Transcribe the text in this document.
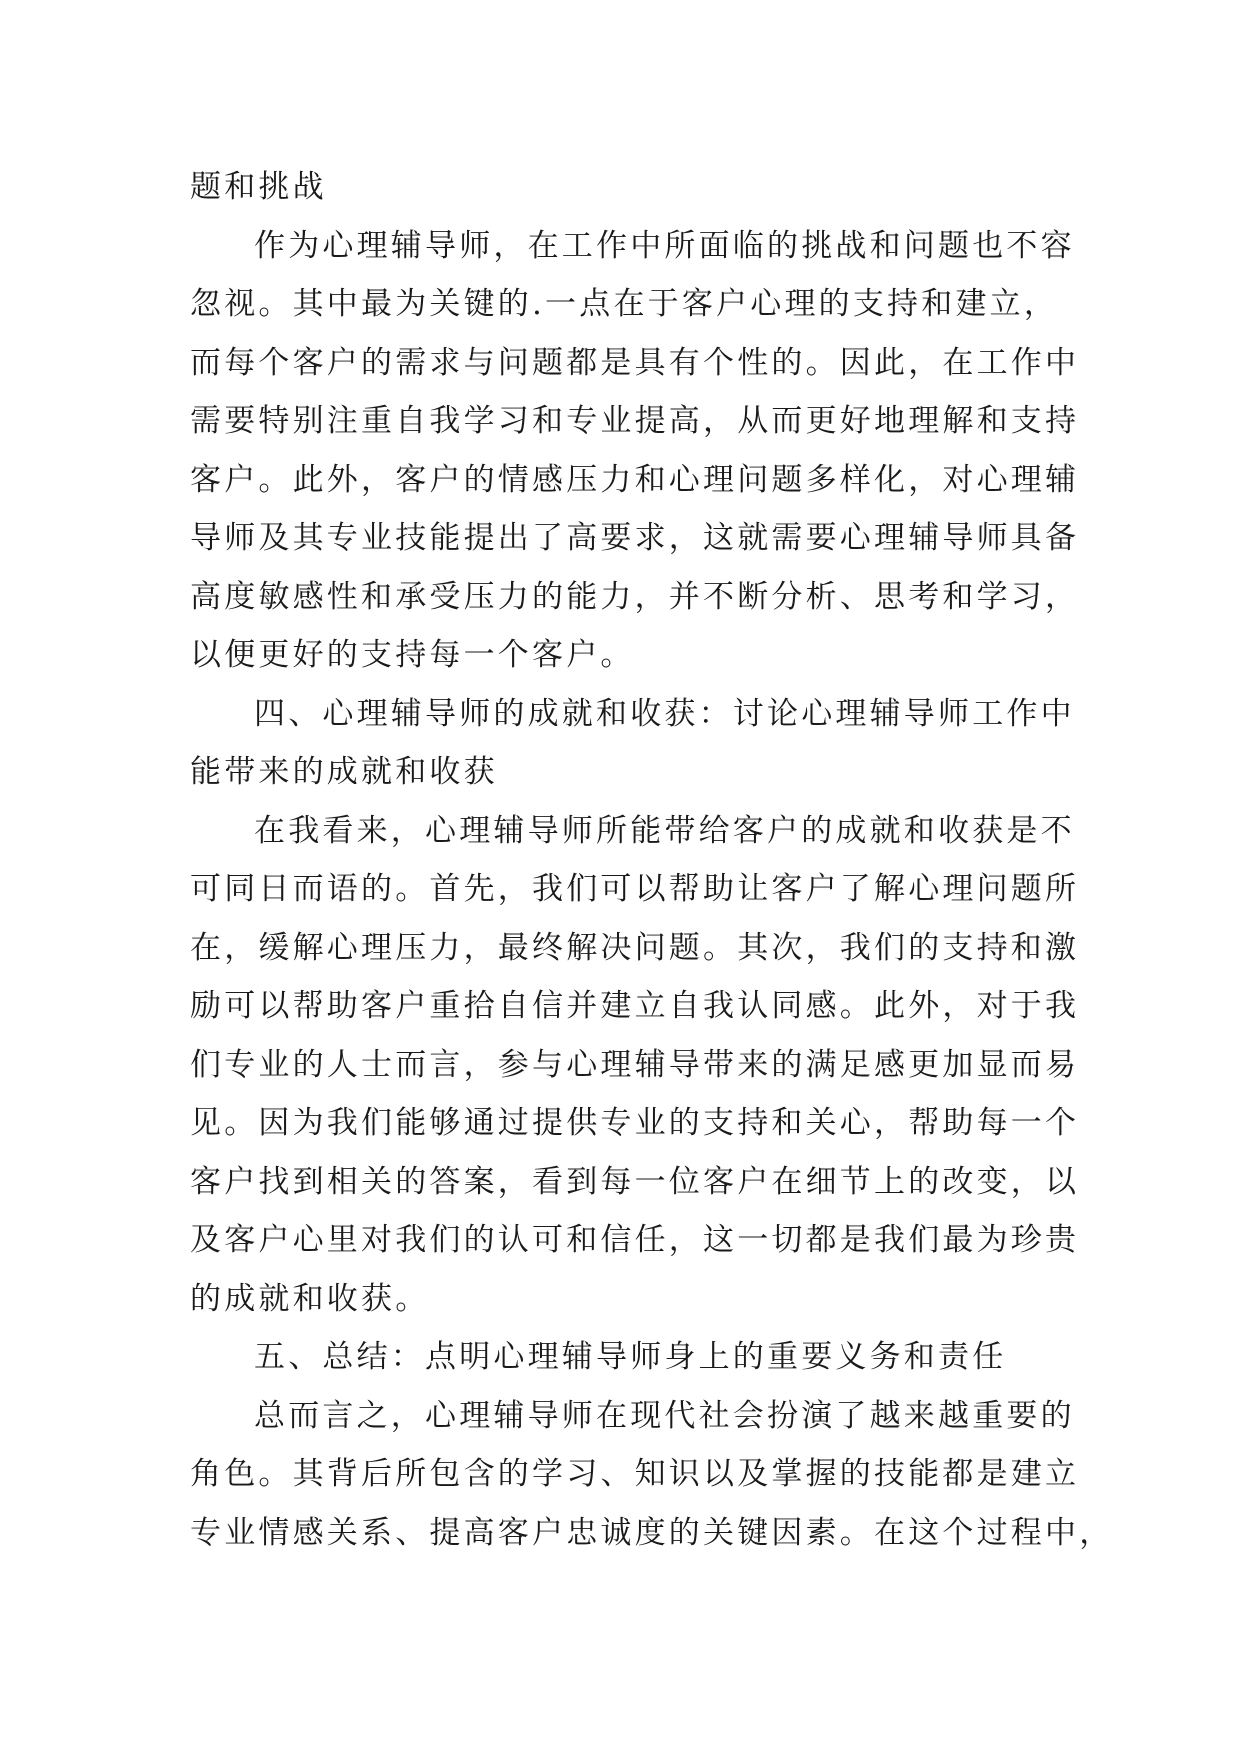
题和挑战

作为心理辅导师，在工作中所面临的挑战和问题也不容
忽视。其中最为关键的.一点在于客户心理的支持和建立，
而每个客户的需求与问题都是具有个性的。因此，在工作中
需要特别注重自我学习和专业提高，从而更好地理解和支持
客户。此外，客户的情感压力和心理问题多样化，对心理辅
导师及其专业技能提出了高要求，这就需要心理辅导师具备
高度敏感性和承受压力的能力，并不断分析、思考和学习，
以便更好的支持每一个客户。

四、心理辅导师的成就和收获：讨论心理辅导师工作中
能带来的成就和收获

在我看来，心理辅导师所能带给客户的成就和收获是不
可同日而语的。首先，我们可以帮助让客户了解心理问题所
在，缓解心理压力，最终解决问题。其次，我们的支持和激
励可以帮助客户重拾自信并建立自我认同感。此外，对于我
们专业的人士而言，参与心理辅导带来的满足感更加显而易
见。因为我们能够通过提供专业的支持和关心，帮助每一个
客户找到相关的答案，看到每一位客户在细节上的改变，以
及客户心里对我们的认可和信任，这一切都是我们最为珍贵
的成就和收获。

五、总结：点明心理辅导师身上的重要义务和责任

总而言之，心理辅导师在现代社会扮演了越来越重要的
角色。其背后所包含的学习、知识以及掌握的技能都是建立
专业情感关系、提高客户忠诚度的关键因素。在这个过程中，
